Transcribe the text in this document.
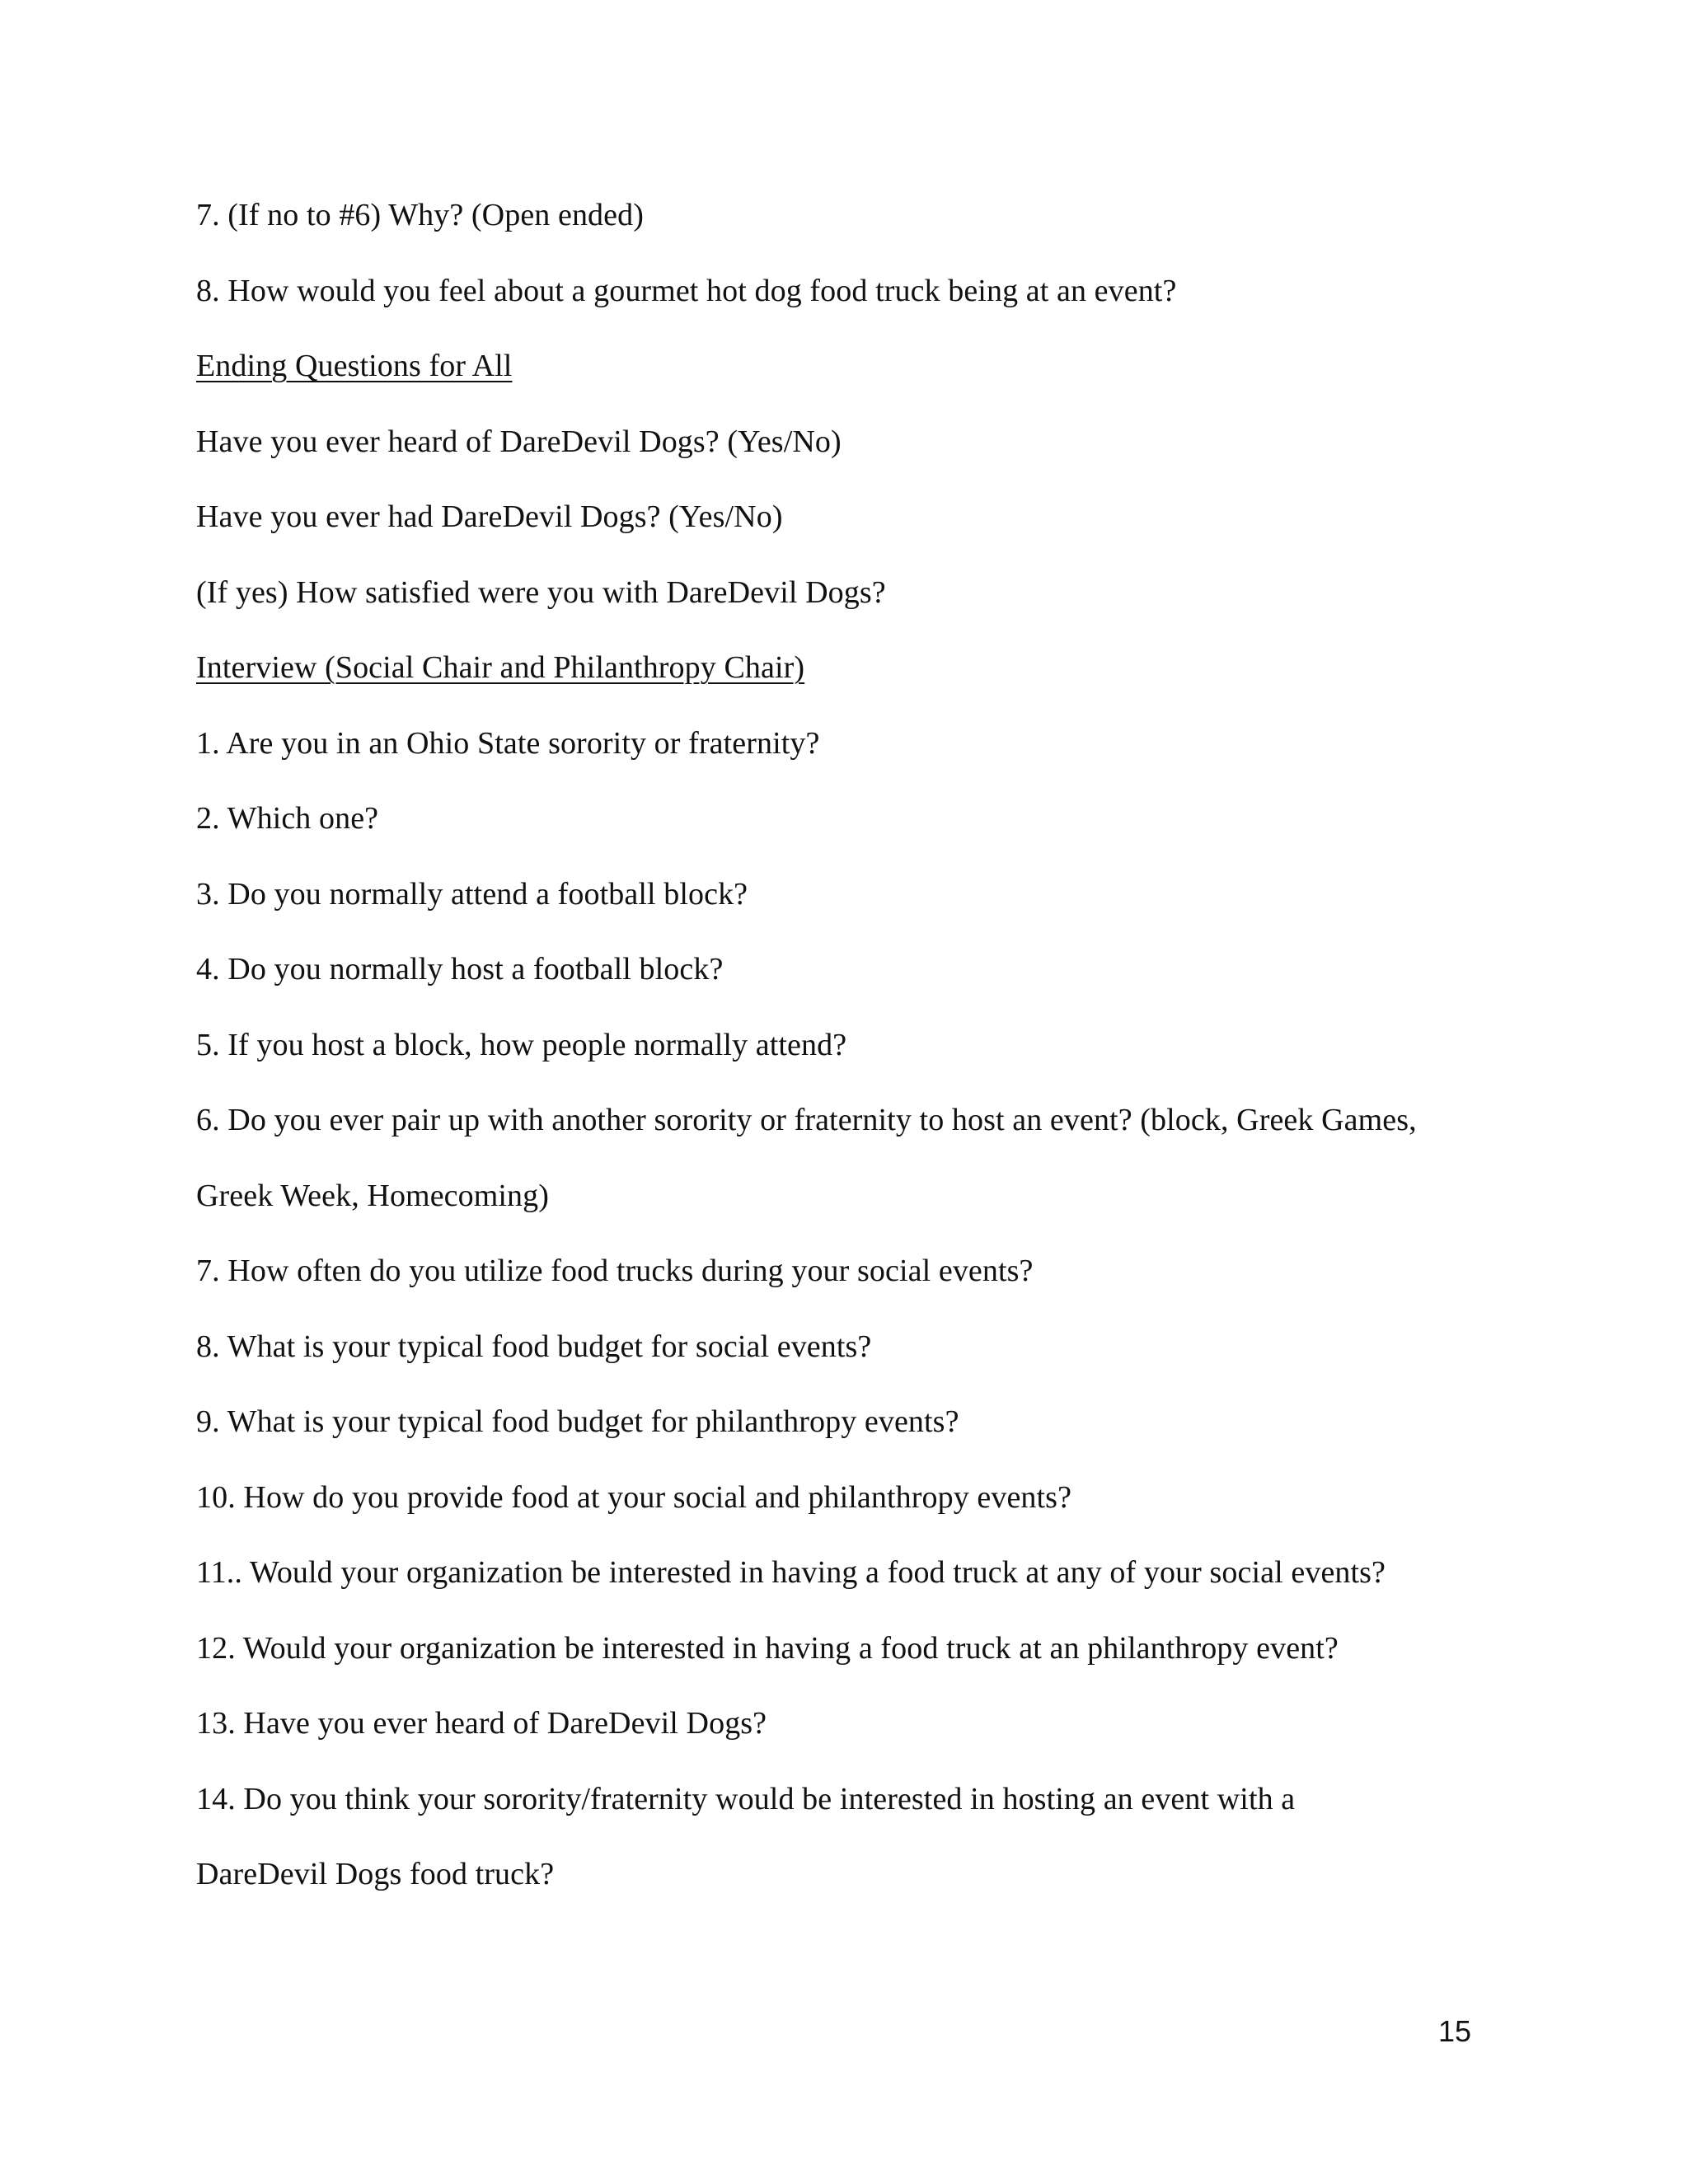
7. (If no to #6) Why? (Open ended)
8. How would you feel about a gourmet hot dog food truck being at an event?
Ending Questions for All
Have you ever heard of DareDevil Dogs? (Yes/No)
Have you ever had DareDevil Dogs? (Yes/No)
(If yes) How satisfied were you with DareDevil Dogs?
Interview (Social Chair and Philanthropy Chair)
1. Are you in an Ohio State sorority or fraternity?
2. Which one?
3. Do you normally attend a football block?
4. Do you normally host a football block?
5. If you host a block, how people normally attend?
6. Do you ever pair up with another sorority or fraternity to host an event? (block, Greek Games,
Greek Week, Homecoming)
7. How often do you utilize food trucks during your social events?
8. What is your typical food budget for social events?
9. What is your typical food budget for philanthropy events?
10. How do you provide food at your social and philanthropy events?
11.. Would your organization be interested in having a food truck at any of your social events?
12. Would your organization be interested in having a food truck at an philanthropy event?
13. Have you ever heard of DareDevil Dogs?
14. Do you think your sorority/fraternity would be interested in hosting an event with a
DareDevil Dogs food truck?
15
